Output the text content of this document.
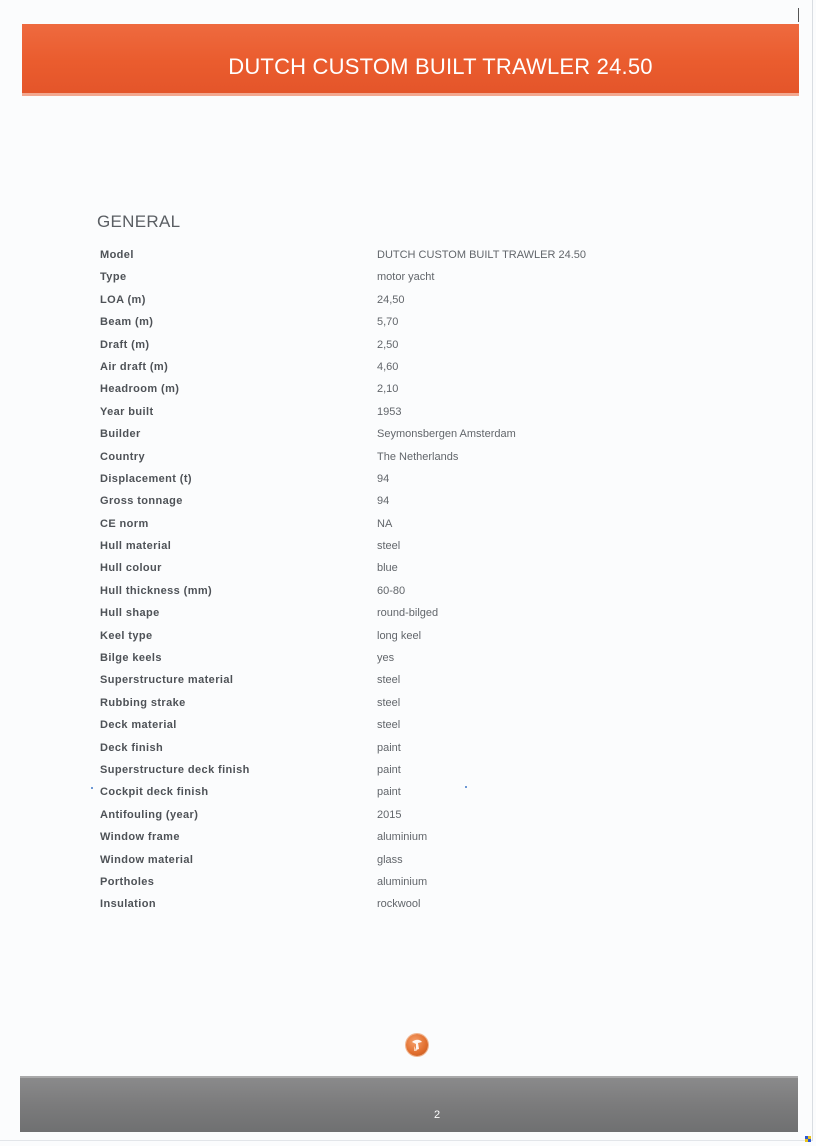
DUTCH CUSTOM BUILT TRAWLER 24.50
GENERAL
Model	DUTCH CUSTOM BUILT TRAWLER 24.50
Type	motor yacht
LOA (m)	24,50
Beam (m)	5,70
Draft (m)	2,50
Air draft (m)	4,60
Headroom (m)	2,10
Year built	1953
Builder	Seymonsbergen Amsterdam
Country	The Netherlands
Displacement (t)	94
Gross tonnage	94
CE norm	NA
Hull material	steel
Hull colour	blue
Hull thickness (mm)	60-80
Hull shape	round-bilged
Keel type	long keel
Bilge keels	yes
Superstructure material	steel
Rubbing strake	steel
Deck material	steel
Deck finish	paint
Superstructure deck finish	paint
Cockpit deck finish	paint
Antifouling (year)	2015
Window frame	aluminium
Window material	glass
Portholes	aluminium
Insulation	rockwool
2
